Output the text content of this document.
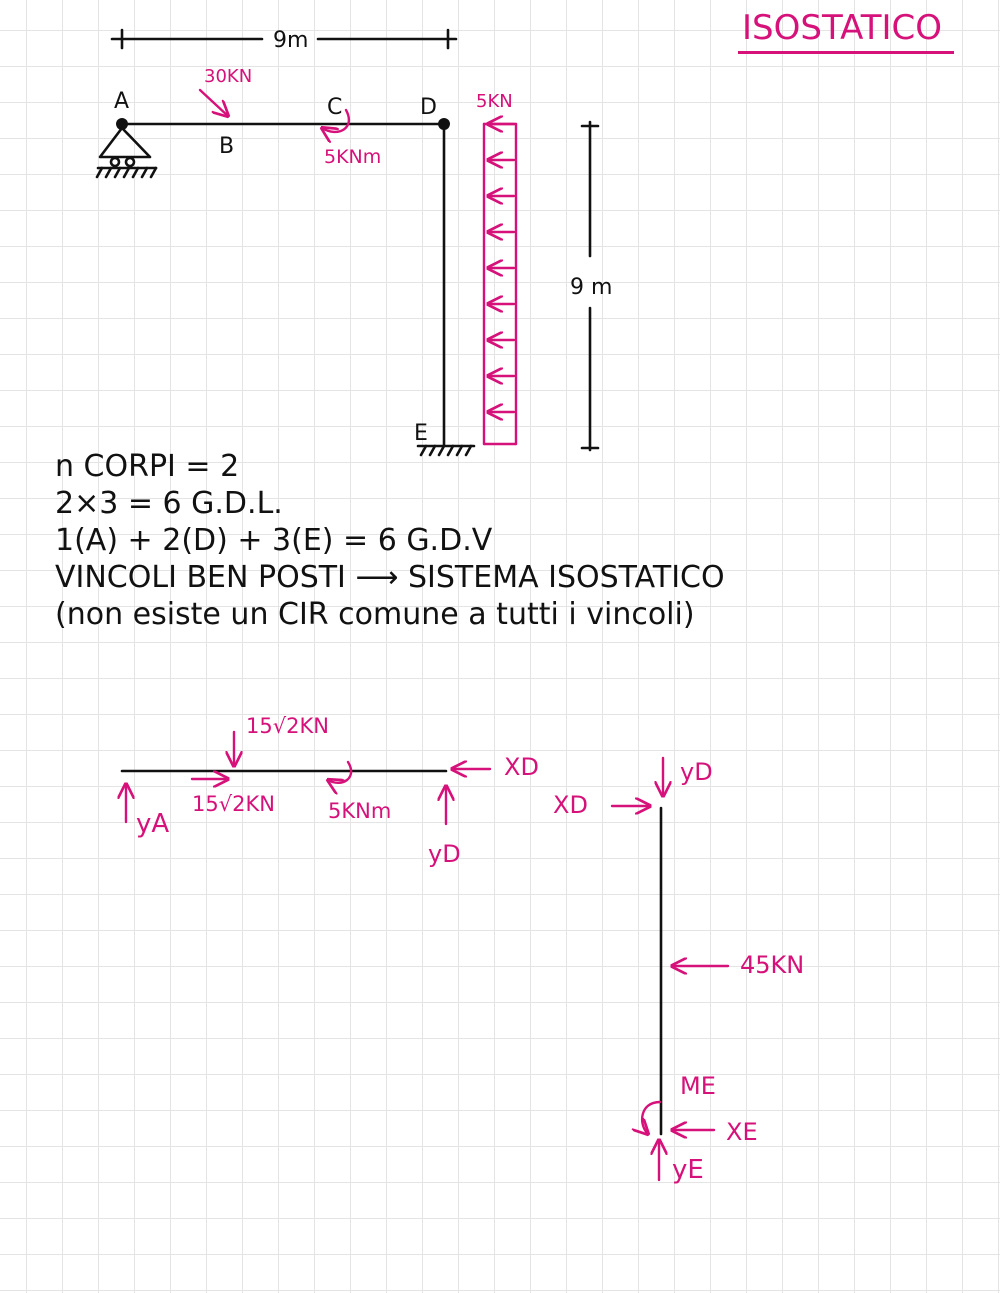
ISOSTATICO
9m
A
B
C	D
E
30KN
5KNm
5KN
9 m
15√2KN
15√2KN	5KNm
yA
yD
XD	yD
XD
45KN
ME
XE
yE
n CORPI = 2
2×3 = 6 G.D.L.
1(A) + 2(D) + 3(E) = 6 G.D.V
VINCOLI BEN POSTI ⟶ SISTEMA ISOSTATICO
(non esiste un CIR comune a tutti i vincoli)
